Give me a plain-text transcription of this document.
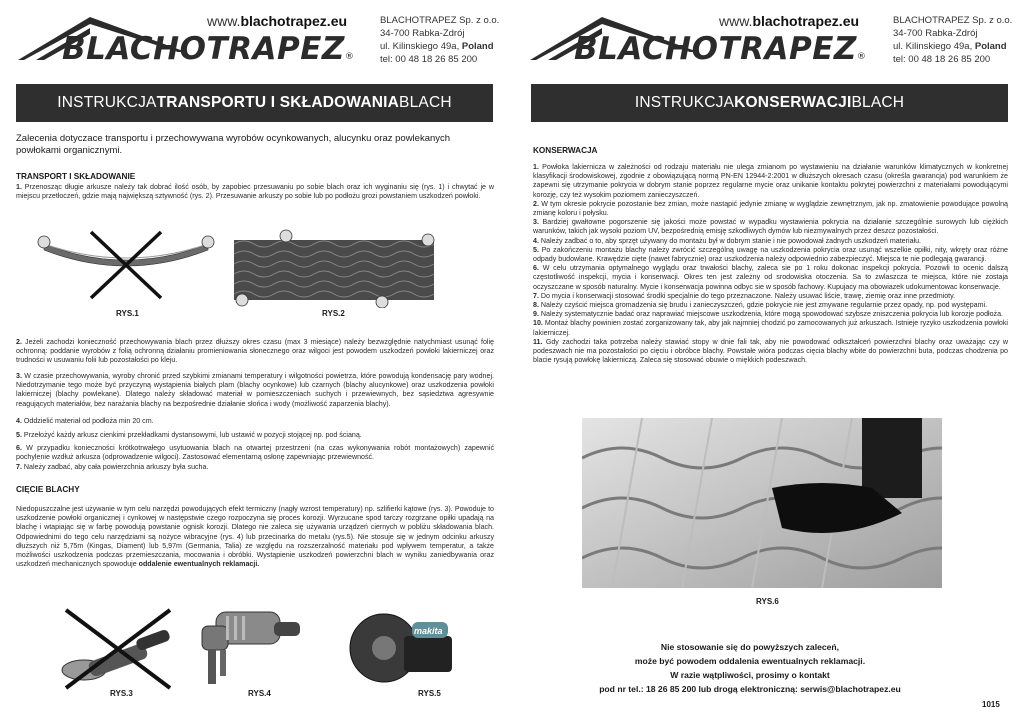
BLACHOTRAPEZ®
www.blachotrapez.eu	BLACHOTRAPEZ Sp. z o.o.
34-700 Rabka-Zdrój
ul. Kilinskiego 49a, Poland
tel: 00 48 18 26 85 200
INSTRUKCJA TRANSPORTU I SKŁADOWANIA BLACH
Zalecenia dotyczace transportu i przechowywana wyrobów ocynkowanych, alucynku oraz powlekanych powłokami organicznymi.
TRANSPORT I SKŁADOWANIE
1. Przenosząc długie arkusze należy tak dobrać ilość osób, by zapobiec przesuwaniu po sobie blach oraz ich wyginaniu się (rys. 1) i chwytać je w miejscu przetłoczeń, gdzie mają największą sztywność (rys. 2). Przesuwanie arkuszy po sobie lub po podłożu grozi powstaniem uszkodzeń powłoki.
RYS.1	RYS.2
2. Jeżeli zachodzi konieczność przechowywania blach przez dłuższy okres czasu (max 3 miesiące) należy bezwzględnie natychmiast usunąć folię ochronną: poddanie wyrobów z folią ochronną działaniu promieniowania słonecznego oraz wilgoci jest powodem uszkodzeń powłoki lakierniczej oraz trudności w usuwaniu folii lub pozostałości po kleju.
3. W czasie przechowywania, wyroby chronić przed szybkimi zmianami temperatury i wilgotności powietrza, które powodują kondensację pary wodnej. Niedotrzymanie tego może być przyczyną wystąpienia białych plam (blachy ocynkowe) lub czarnych (blachy alucynkowe) oraz uszkodzenia powłoki lakierniczej (blachy powlekane). Dlatego należy składować materiał w pomieszczeniach suchych i przewiewnych, bez sąsiedztwa agresywnie reagujących materiałów, bez narażania blachy na bezpośrednie działanie słońca i wody (możliwość zaparzenia blachy).
4. Oddzielić materiał od podłoża min 20 cm.
5. Przełożyć każdy arkusz cienkimi przekładkami dystansowymi, lub ustawić w pozycji stojącej np. pod ścianą.
6. W przypadku konieczności krótkotrwałego usytuowania blach na otwartej przestrzeni (na czas wykonywania robót montażowych) zapewnić pochylenie wzdłuż arkusza (odprowadzenie wilgoci). Zastosować elementarną osłonę zapewniając przewiewność.
7. Należy zadbać, aby cała powierzchnia arkuszy była sucha.
CIĘCIE BLACHY
Niedopuszczalne jest używanie w tym celu narzędzi powodujących efekt termiczny (nagły wzrost temperatury) np. szlifierki kątowe (rys. 3). Powoduje to uszkodzenie powłoki organicznej i cynkowej w następstwie czego rozpoczyna się proces korozji. Wyrzucane spod tarczy rozgrzane opiłki upadają na blachę i wtapiając się w farbę powodują powstanie ognisk korozji. Dlatego nie zaleca się używania urządzeń ciernych w pobliżu składowania blach. Odpowiednimi do tego celu narzędziami są nożyce wibracyjne (rys. 4) lub przecinarka do metalu (rys.5). Nie stosuje się w jednym odcinku arkuszy dłuższych niż 5,75m (Kingas, Diament) lub 5,97m (Germania, Talia) ze względu na rozszerzalność materiału pod wpływem temperatur, a także możliwości uszkodzenia podczas przemieszczania, mocowania i obróbki. Wystąpienie uszkodzeń powierzchni blach w wyniku zaniedbywania oraz uszkodzeń mechanicznych spowoduje oddalenie ewentualnych reklamacji.
RYS.3	RYS.4
makita
RYS.5
BLACHOTRAPEZ®
www.blachotrapez.eu	BLACHOTRAPEZ Sp. z o.o.
34-700 Rabka-Zdrój
ul. Kilinskiego 49a, Poland
tel: 00 48 18 26 85 200
INSTRUKCJA KONSERWACJI BLACH
KONSERWACJA
1. Powłoka lakiernicza w zależności od rodzaju materiału nie ulega zmianom po wystawieniu na działanie warunków klimatycznych w konkretnej klasyfikacji środowiskowej, zgodnie z obowiązującą normą PN-EN 12944-2:2001 w dłuższych okresach czasu (określa gwarancja) pod warunkiem że zapewni się utrzymanie pokrycia w dobrym stanie poprzez regularne mycie oraz unikanie kontaktu pokrytej powierzchni z materiałami powodującymi korozję, czy też wysokim poziomem zanieczyszczeń.
2. W tym okresie pokrycie pozostanie bez zmian, może nastąpić jedynie zmianę w wyglądzie zewnętrznym, jak np. zmatowienie powodujące powolną zmianę koloru i połysku.
3. Bardziej gwałtowne pogorszenie się jakości może powstać w wypadku wystawienia pokrycia na działanie szczególnie surowych lub ciężkich warunków, takich jak wysoki poziom UV, bezpośrednią emisję szkodliwych dymów lub niezmywalnych przez deszcz pozostałości.
4. Należy zadbać o to, aby sprzęt używany do montażu był w dobrym stanie i nie powodował żadnych uszkodzeń materiału.
5. Po zakończeniu montażu blachy należy zwrócić szczególną uwagę na uszkodzenia pokrycia oraz usunąć wszelkie opiłki, nity, wkręty oraz różne odpady budowlane. Krawędzie cięte (nawet fabrycznie) oraz uszkodzenia należy odpowiednio zabezpieczyć. Miejsca te nie podlegają gwarancji.
6. W celu utrzymania optymalnego wyglądu oraz trwałości blachy, zaleca sie po 1 roku dokonac inspekcji pokrycia. Pozowli to ocenic dalszą częstotliwość inspekcji, mycia i konserwacji. Okres ten jest zależny od srodowiska otoczenia. Sa to zwlaszcza te miejsca, które nie zostaja oczyszczane w sposób naturalny. Mycie i konserwacja powinna odbyc sie w sposób fachowy. Kupujacy ma obowiazek udokumentowac konserwacje.
7. Do mycia i konserwacji stosować środki specjalnie do tego przeznaczone. Należy usuwać liście, trawę, ziemię oraz inne przedmioty.
8. Należy czyścić miejsca gromadzenia się brudu i zanieczyszczeń, gdzie pokrycie nie jest zmywane regularnie przez opady, np. pod występami.
9. Należy systematycznie badać oraz naprawiać miejscowe uszkodzenia, które mogą spowodować szybsze zniszczenia pokrycia lub korozje podłoża.
10. Montaż blachy powinien zostać zorganizowany tak, aby jak najmniej chodzić po zamocowanych już arkuszach. Istnieje ryzyko uszkodzenia powłoki lakierniczej.
11. Gdy zachodzi taka potrzeba należy stawiać stopy w dnie fali tak, aby nie powodować odkształceń powierzchni blachy oraz uważając czy w podeszwach nie ma pozostałości po cięciu i obróbce blachy. Powstałe wióra podczas cięcia blachy wbite do powierzchni buta, podczas chodzenia po blacie rysują powłokę lakierniczą. Zaleca się stosować obuwie o miękkich podeszwach.
RYS.6
Nie stosowanie się do powyższych zaleceń,
może być powodem oddalenia ewentualnych reklamacji.
W razie wątpliwości, prosimy o kontakt
pod nr tel.: 18 26 85 200 lub drogą elektroniczną: serwis@blachotrapez.eu
1015
